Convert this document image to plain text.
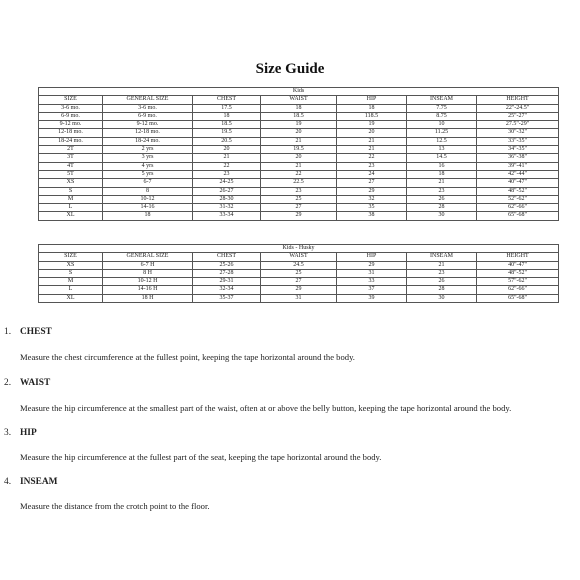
Size Guide
Kids						
SIZE	GENERAL SIZE	CHEST	WAIST	HIP	INSEAM	HEIGHT
3-6 mo.	3-6 mo.	17.5	18	18	7.75	22"-24.5"
6-9 mo.	6-9 mo.	18	18.5	118.5	8.75	25"-27"
9-12 mo.	9-12 mo.	18.5	19	19	10	27.5"-29"
12-18 mo.	12-18 mo.	19.5	20	20	11.25	30"-32"
18-24 mo.	18-24 mo.	20.5	21	21	12.5	33"-35"
2T	2 yrs	20	19.5	21	13	34"-35"
3T	3 yrs	21	20	22	14.5	36"-38"
4T	4 yrs	22	21	23	16	39"-41"
5T	5 yrs	23	22	24	18	42"-44"
XS	6-7	24-25	22.5	27	21	40"-47"
S	8	26-27	23	29	23	48"-52"
M	10-12	28-30	25	32	26	52"-62"
L	14-16	31-32	27	35	28	62"-66"
XL	18	33-34	29	38	30	65"-68"
Kids - Husky						
SIZE	GENERAL SIZE	CHEST	WAIST	HIP	INSEAM	HEIGHT
XS	6-7 H	25-26	24.5	29	21	40"-47"
S	8 H	27-28	25	31	23	48"-52"
M	10-12 H	29-31	27	33	26	57"-62"
L	14-16 H	32-34	29	37	28	62"-66"
XL	18 H	35-37	31	39	30	65"-68"
1. CHEST
Measure the chest circumference at the fullest point, keeping the tape horizontal around the body.
2. WAIST
Measure the hip circumference at the smallest part of the waist, often at or above the belly button, keeping the tape horizontal around the body.
3. HIP
Measure the hip circumference at the fullest part of the seat, keeping the tape horizontal around the body.
4. INSEAM
Measure the distance from the crotch point to the floor.
